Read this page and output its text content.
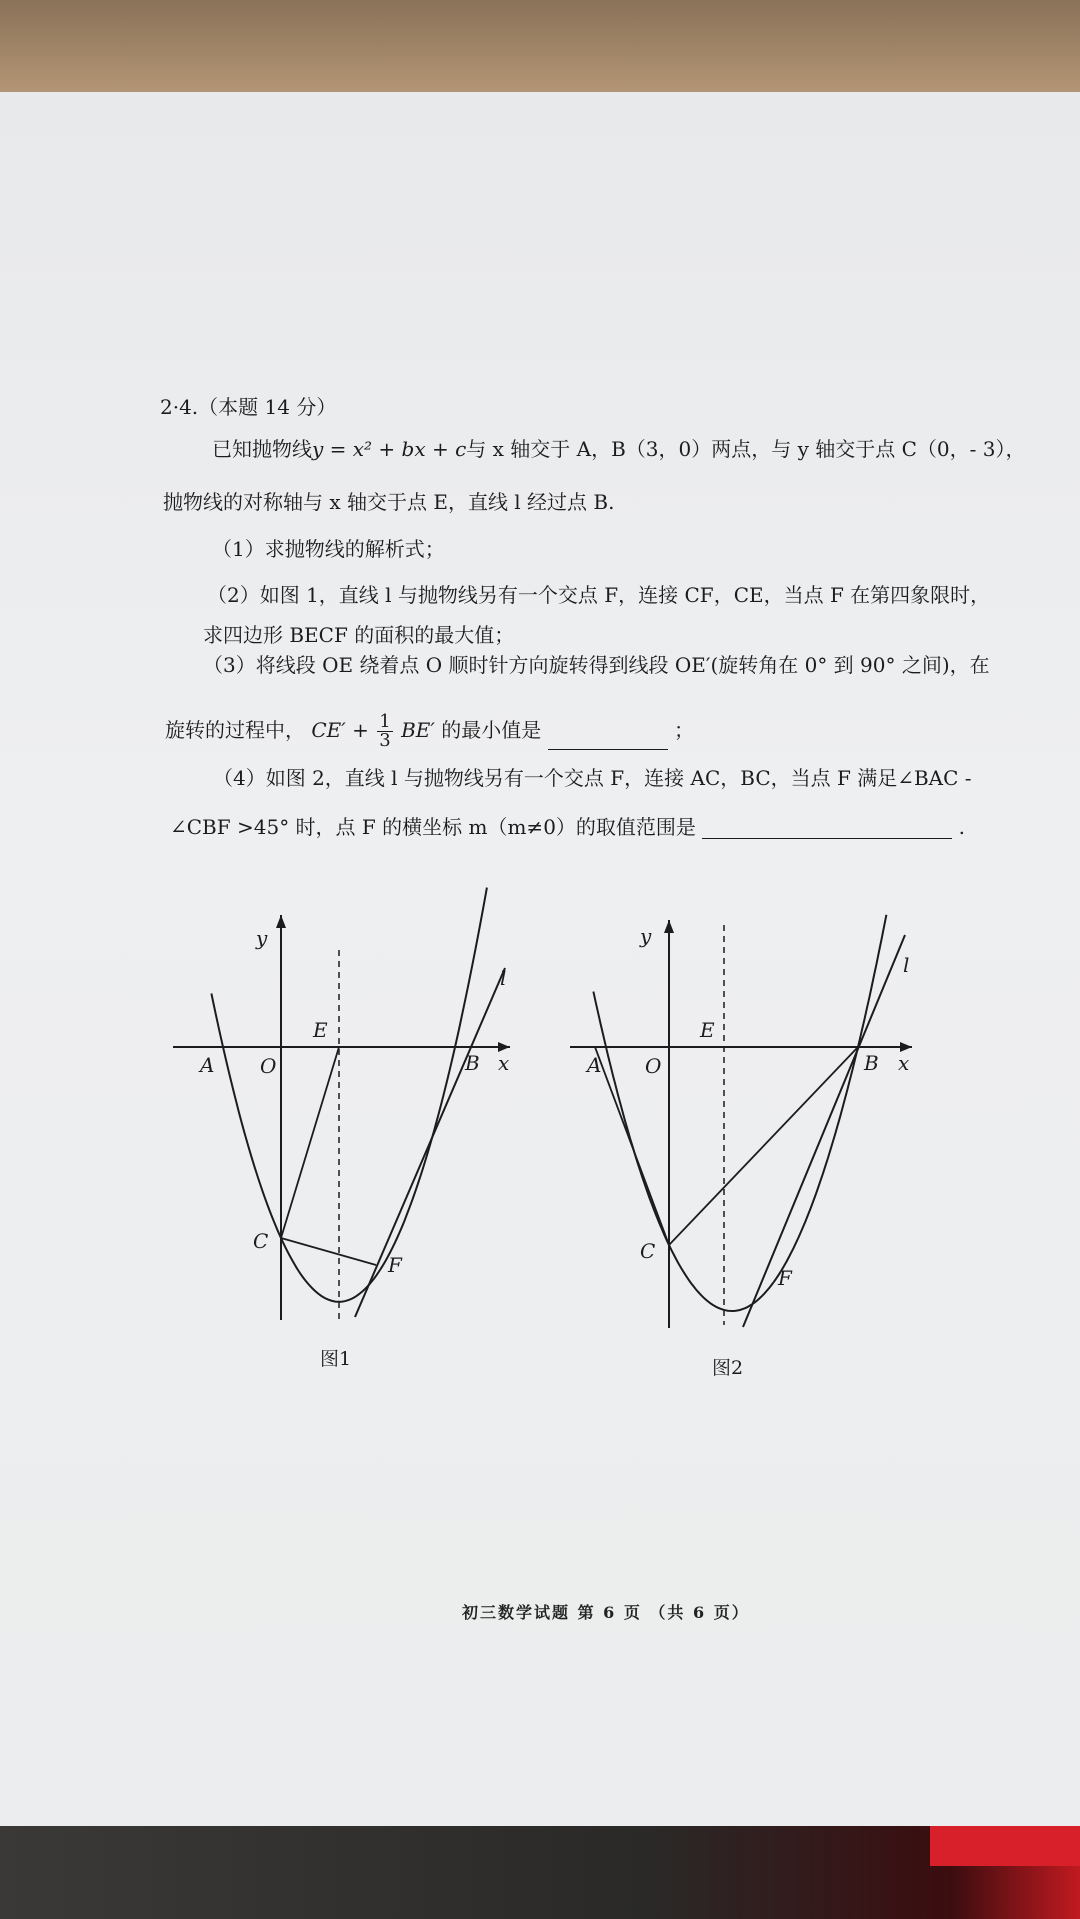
2·4.（本题 14 分）
已知抛物线y = x² + bx + c与 x 轴交于 A，B（3，0）两点，与 y 轴交于点 C（0，- 3），
抛物线的对称轴与 x 轴交于点 E，直线 l 经过点 B.
（1）求抛物线的解析式；
（2）如图 1，直线 l 与抛物线另有一个交点 F，连接 CF，CE，当点 F 在第四象限时，
求四边形 BECF 的面积的最大值；
（3）将线段 OE 绕着点 O 顺时针方向旋转得到线段 OE′(旋转角在 0° 到 90° 之间)，在
旋转的过程中， $CE' + \frac{1}{3} BE'$ 的最小值是	；
（4）如图 2，直线 l 与抛物线另有一个交点 F，连接 AC，BC，当点 F 满足∠BAC -
∠CBF >45° 时，点 F 的横坐标 m（m≠0）的取值范围是	.
y
x
O
A	B
C
E
F
l
图1
y
x
O
A	B
C
E
F
l
图2
初三数学试题 第 6 页 （共 6 页）
